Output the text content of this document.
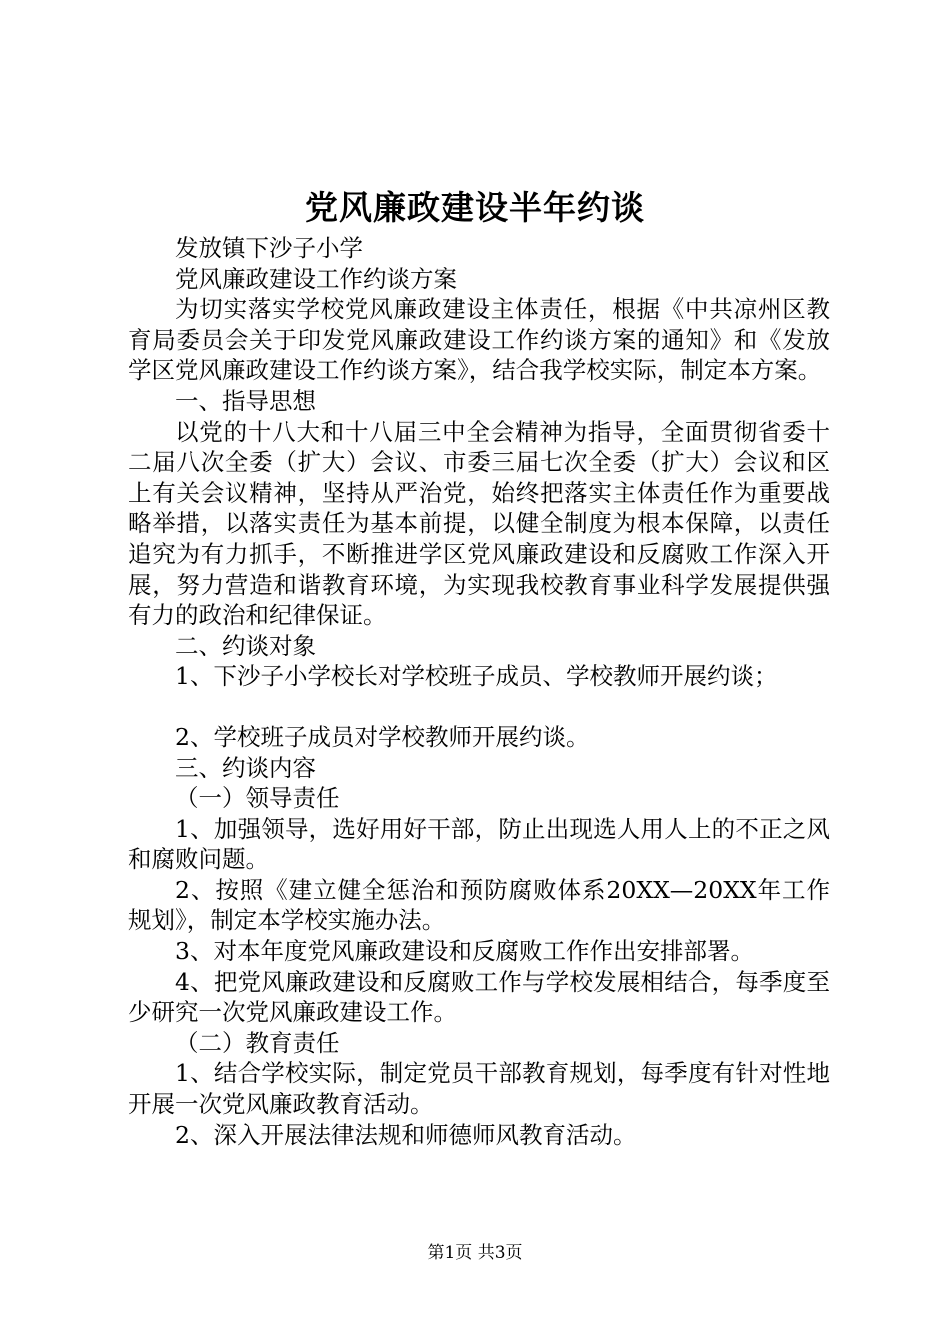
党风廉政建设半年约谈

发放镇下沙子小学

党风廉政建设工作约谈方案

为切实落实学校党风廉政建设主体责任，根据《中共凉州区教育局委员会关于印发党风廉政建设工作约谈方案的通知》和《发放学区党风廉政建设工作约谈方案》，结合我学校实际，制定本方案。

一、指导思想

以党的十八大和十八届三中全会精神为指导，全面贯彻省委十二届八次全委（扩大）会议、市委三届七次全委（扩大）会议和区上有关会议精神，坚持从严治党，始终把落实主体责任作为重要战略举措，以落实责任为基本前提，以健全制度为根本保障，以责任追究为有力抓手，不断推进学区党风廉政建设和反腐败工作深入开展，努力营造和谐教育环境，为实现我校教育事业科学发展提供强有力的政治和纪律保证。

二、约谈对象

1、下沙子小学校长对学校班子成员、学校教师开展约谈；

2、学校班子成员对学校教师开展约谈。

三、约谈内容

（一）领导责任

1、加强领导，选好用好干部，防止出现选人用人上的不正之风和腐败问题。

2、按照《建立健全惩治和预防腐败体系20XX—20XX年工作规划》，制定本学校实施办法。

3、对本年度党风廉政建设和反腐败工作作出安排部署。

4、把党风廉政建设和反腐败工作与学校发展相结合，每季度至少研究一次党风廉政建设工作。

（二）教育责任

1、结合学校实际，制定党员干部教育规划，每季度有针对性地开展一次党风廉政教育活动。

2、深入开展法律法规和师德师风教育活动。

第1页 共3页
